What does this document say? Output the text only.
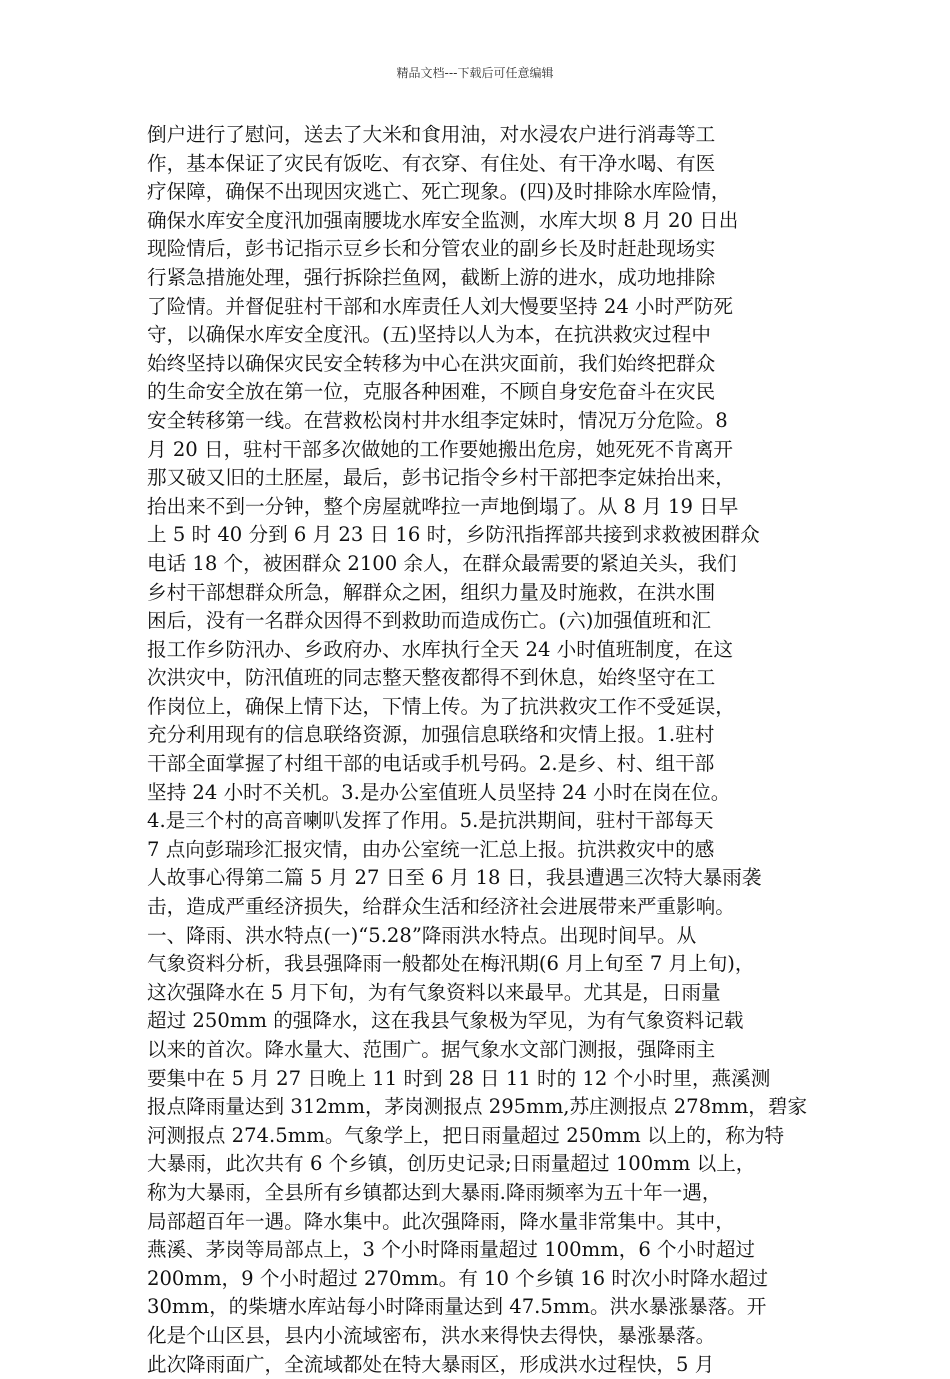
精品文档---下载后可任意编辑
倒户进行了慰问，送去了大米和食用油，对水浸农户进行消毒等工
作，基本保证了灾民有饭吃、有衣穿、有住处、有干净水喝、有医
疗保障，确保不出现因灾逃亡、死亡现象。(四)及时排除水库险情，
确保水库安全度汛加强南腰垅水库安全监测，水库大坝 8 月 20 日出
现险情后，彭书记指示豆乡长和分管农业的副乡长及时赶赴现场实
行紧急措施处理，强行拆除拦鱼网，截断上游的进水，成功地排除
了险情。并督促驻村干部和水库责任人刘大慢要坚持 24 小时严防死
守，以确保水库安全度汛。(五)坚持以人为本，在抗洪救灾过程中
始终坚持以确保灾民安全转移为中心在洪灾面前，我们始终把群众
的生命安全放在第一位，克服各种困难，不顾自身安危奋斗在灾民
安全转移第一线。在营救松岗村井水组李定妹时，情况万分危险。8
月 20 日，驻村干部多次做她的工作要她搬出危房，她死死不肯离开
那又破又旧的土胚屋，最后，彭书记指令乡村干部把李定妹抬出来，
抬出来不到一分钟，整个房屋就哗拉一声地倒塌了。从 8 月 19 日早
上 5 时 40 分到 6 月 23 日 16 时，乡防汛指挥部共接到求救被困群众
电话 18 个，被困群众 2100 余人，在群众最需要的紧迫关头，我们
乡村干部想群众所急，解群众之困，组织力量及时施救，在洪水围
困后，没有一名群众因得不到救助而造成伤亡。(六)加强值班和汇
报工作乡防汛办、乡政府办、水库执行全天 24 小时值班制度，在这
次洪灾中，防汛值班的同志整天整夜都得不到休息，始终坚守在工
作岗位上，确保上情下达，下情上传。为了抗洪救灾工作不受延误，
充分利用现有的信息联络资源，加强信息联络和灾情上报。1.驻村
干部全面掌握了村组干部的电话或手机号码。2.是乡、村、组干部
坚持 24 小时不关机。3.是办公室值班人员坚持 24 小时在岗在位。
4.是三个村的高音喇叭发挥了作用。5.是抗洪期间，驻村干部每天
7 点向彭瑞珍汇报灾情，由办公室统一汇总上报。抗洪救灾中的感
人故事心得第二篇 5 月 27 日至 6 月 18 日，我县遭遇三次特大暴雨袭
击，造成严重经济损失，给群众生活和经济社会进展带来严重影响。
一、降雨、洪水特点(一)“5.28”降雨洪水特点。出现时间早。从
气象资料分析，我县强降雨一般都处在梅汛期(6 月上旬至 7 月上旬)，
这次强降水在 5 月下旬，为有气象资料以来最早。尤其是，日雨量
超过 250mm 的强降水，这在我县气象极为罕见，为有气象资料记载
以来的首次。降水量大、范围广。据气象水文部门测报，强降雨主
要集中在 5 月 27 日晚上 11 时到 28 日 11 时的 12 个小时里，燕溪测
报点降雨量达到 312mm，茅岗测报点 295mm,苏庄测报点 278mm，碧家
河测报点 274.5mm。气象学上，把日雨量超过 250mm 以上的，称为特
大暴雨，此次共有 6 个乡镇，创历史记录;日雨量超过 100mm 以上，
称为大暴雨，全县所有乡镇都达到大暴雨.降雨频率为五十年一遇，
局部超百年一遇。降水集中。此次强降雨，降水量非常集中。其中，
燕溪、茅岗等局部点上，3 个小时降雨量超过 100mm，6 个小时超过
200mm，9 个小时超过 270mm。有 10 个乡镇 16 时次小时降水超过
30mm，的柴塘水库站每小时降雨量达到 47.5mm。洪水暴涨暴落。开
化是个山区县，县内小流域密布，洪水来得快去得快，暴涨暴落。
此次降雨面广，全流域都处在特大暴雨区，形成洪水过程快，5 月
